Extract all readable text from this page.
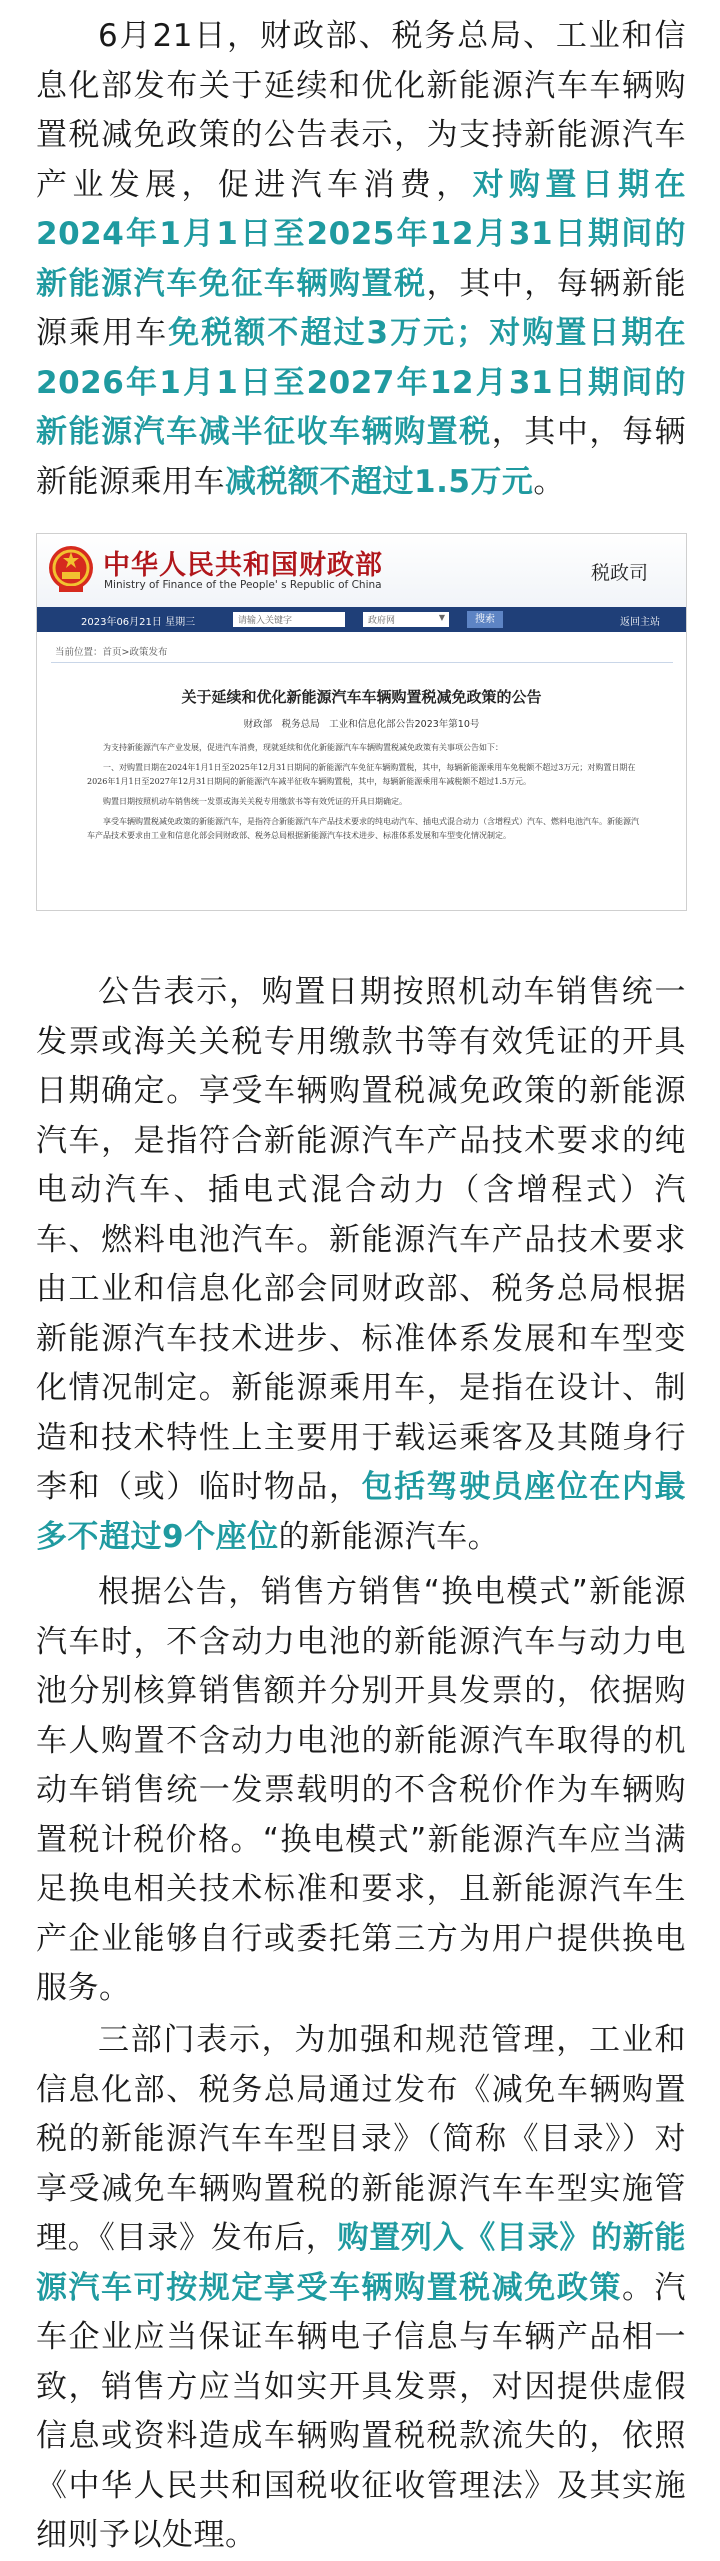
6月21日，财政部、税务总局、工业和信息化部发布关于延续和优化新能源汽车车辆购置税减免政策的公告表示，为支持新能源汽车产业发展，促进汽车消费，对购置日期在2024年1月1日至2025年12月31日期间的新能源汽车免征车辆购置税，其中，每辆新能源乘用车免税额不超过3万元；对购置日期在2026年1月1日至2027年12月31日期间的新能源汽车减半征收车辆购置税，其中，每辆新能源乘用车减税额不超过1.5万元。

中华人民共和国财政部
Ministry of Finance of the People' s Republic of China
税政司
2023年06月21日 星期三	请输入关键字	政府网	▼	搜索	返回主站
当前位置：首页>政策发布
关于延续和优化新能源汽车车辆购置税减免政策的公告
财政部　税务总局　工业和信息化部公告2023年第10号

为支持新能源汽车产业发展，促进汽车消费，现就延续和优化新能源汽车车辆购置税减免政策有关事项公告如下：

一、对购置日期在2024年1月1日至2025年12月31日期间的新能源汽车免征车辆购置税，其中，每辆新能源乘用车免税额不超过3万元；对购置日期在2026年1月1日至2027年12月31日期间的新能源汽车减半征收车辆购置税，其中，每辆新能源乘用车减税额不超过1.5万元。

购置日期按照机动车销售统一发票或海关关税专用缴款书等有效凭证的开具日期确定。

享受车辆购置税减免政策的新能源汽车，是指符合新能源汽车产品技术要求的纯电动汽车、插电式混合动力（含增程式）汽车、燃料电池汽车。新能源汽车产品技术要求由工业和信息化部会同财政部、税务总局根据新能源汽车技术进步、标准体系发展和车型变化情况制定。

公告表示，购置日期按照机动车销售统一发票或海关关税专用缴款书等有效凭证的开具日期确定。享受车辆购置税减免政策的新能源汽车，是指符合新能源汽车产品技术要求的纯电动汽车、插电式混合动力（含增程式）汽车、燃料电池汽车。新能源汽车产品技术要求由工业和信息化部会同财政部、税务总局根据新能源汽车技术进步、标准体系发展和车型变化情况制定。新能源乘用车，是指在设计、制造和技术特性上主要用于载运乘客及其随身行李和（或）临时物品，包括驾驶员座位在内最多不超过9个座位的新能源汽车。

根据公告，销售方销售“换电模式”新能源汽车时，不含动力电池的新能源汽车与动力电池分别核算销售额并分别开具发票的，依据购车人购置不含动力电池的新能源汽车取得的机动车销售统一发票载明的不含税价作为车辆购置税计税价格。“换电模式”新能源汽车应当满足换电相关技术标准和要求，且新能源汽车生产企业能够自行或委托第三方为用户提供换电服务。

三部门表示，为加强和规范管理，工业和信息化部、税务总局通过发布《减免车辆购置税的新能源汽车车型目录》（简称《目录》）对享受减免车辆购置税的新能源汽车车型实施管理。《目录》发布后，购置列入《目录》的新能源汽车可按规定享受车辆购置税减免政策。汽车企业应当保证车辆电子信息与车辆产品相一致，销售方应当如实开具发票，对因提供虚假信息或资料造成车辆购置税税款流失的，依照《中华人民共和国税收征收管理法》及其实施细则予以处理。
